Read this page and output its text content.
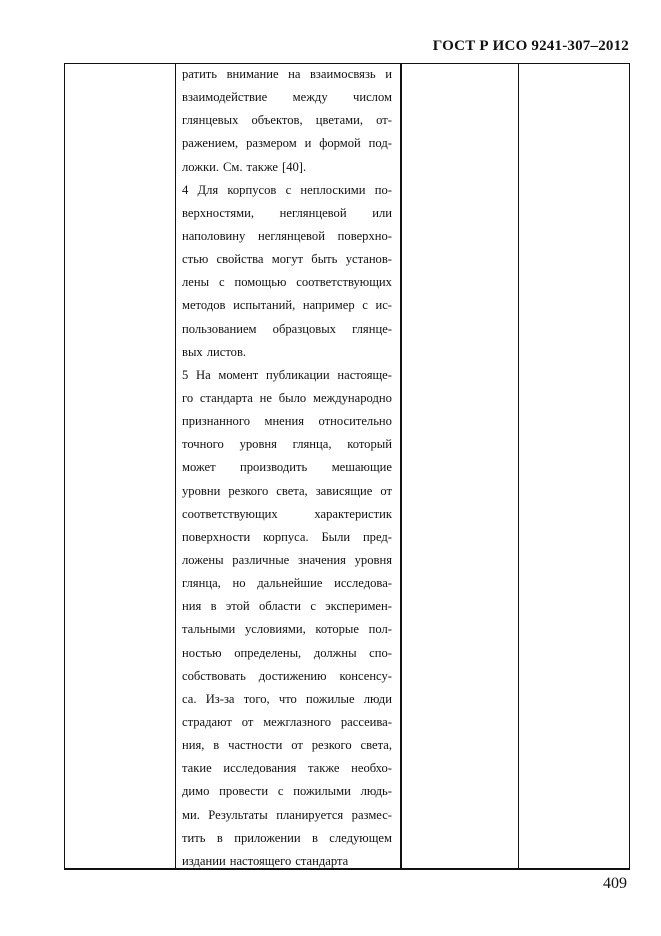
ГОСТ Р ИСО 9241-307–2012
ратить внимание на взаимосвязь и
взаимодействие между числом
глянцевых объектов, цветами, от-
ражением, размером и формой под-
ложки. См. также [40].
4 Для корпусов с неплоскими по-
верхностями, неглянцевой или
наполовину неглянцевой поверхно-
стью свойства могут быть установ-
лены с помощью соответствующих
методов испытаний, например с ис-
пользованием образцовых глянце-
вых листов.
5 На момент публикации настояще-
го стандарта не было международно
признанного мнения относительно
точного уровня глянца, который
может производить мешающие
уровни резкого света, зависящие от
соответствующих	характеристик
поверхности корпуса. Были пред-
ложены различные значения уровня
глянца, но дальнейшие исследова-
ния в этой области с эксперимен-
тальными условиями, которые пол-
ностью определены, должны спо-
собствовать достижению консенсу-
са. Из-за того, что пожилые люди
страдают от межглазного рассеива-
ния, в частности от резкого света,
такие исследования также необхо-
димо провести с пожилыми людь-
ми. Результаты планируется размес-
тить в приложении в следующем
издании настоящего стандарта
409
